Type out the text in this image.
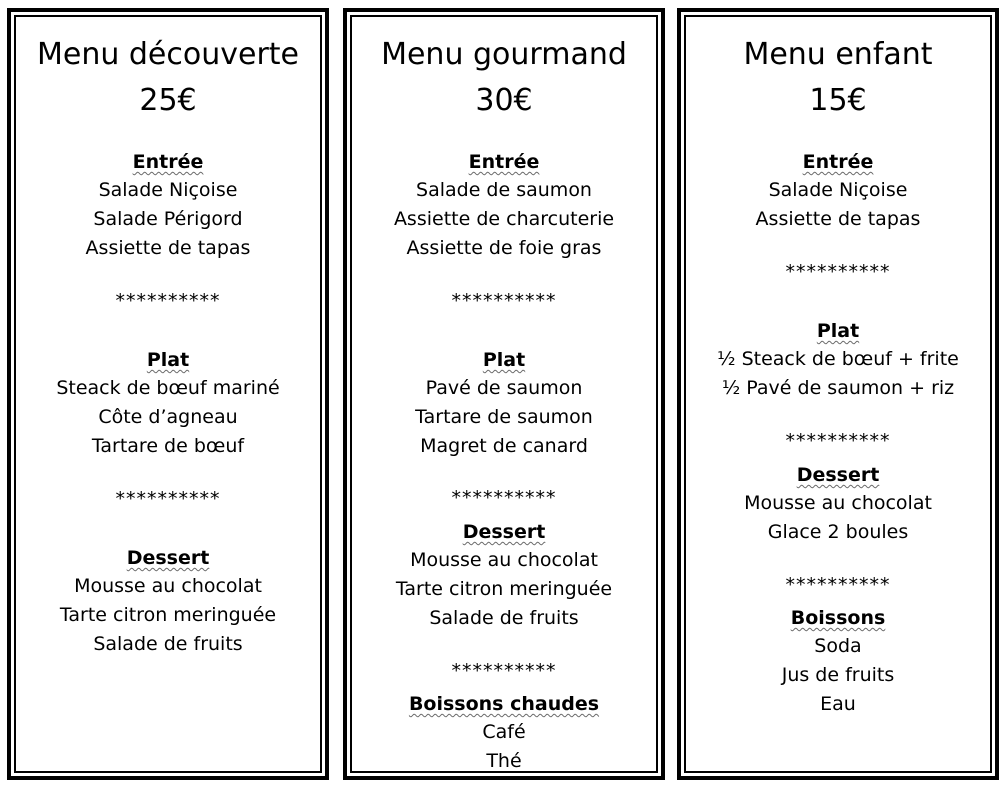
Menu découverte
25€
Entrée
Salade Niçoise
Salade Périgord
Assiette de tapas
**********
Plat
Steack de bœuf mariné
Côte d’agneau
Tartare de bœuf
**********
Dessert
Mousse au chocolat
Tarte citron meringuée
Salade de fruits
Menu gourmand
30€
Entrée
Salade de saumon
Assiette de charcuterie
Assiette de foie gras
**********
Plat
Pavé de saumon
Tartare de saumon
Magret de canard
**********
Dessert
Mousse au chocolat
Tarte citron meringuée
Salade de fruits
**********
Boissons chaudes
Café
Thé
Menu enfant
15€
Entrée
Salade Niçoise
Assiette de tapas
**********
Plat
½ Steack de bœuf + frite
½ Pavé de saumon + riz
**********
Dessert
Mousse au chocolat
Glace 2 boules
**********
Boissons
Soda
Jus de fruits
Eau
